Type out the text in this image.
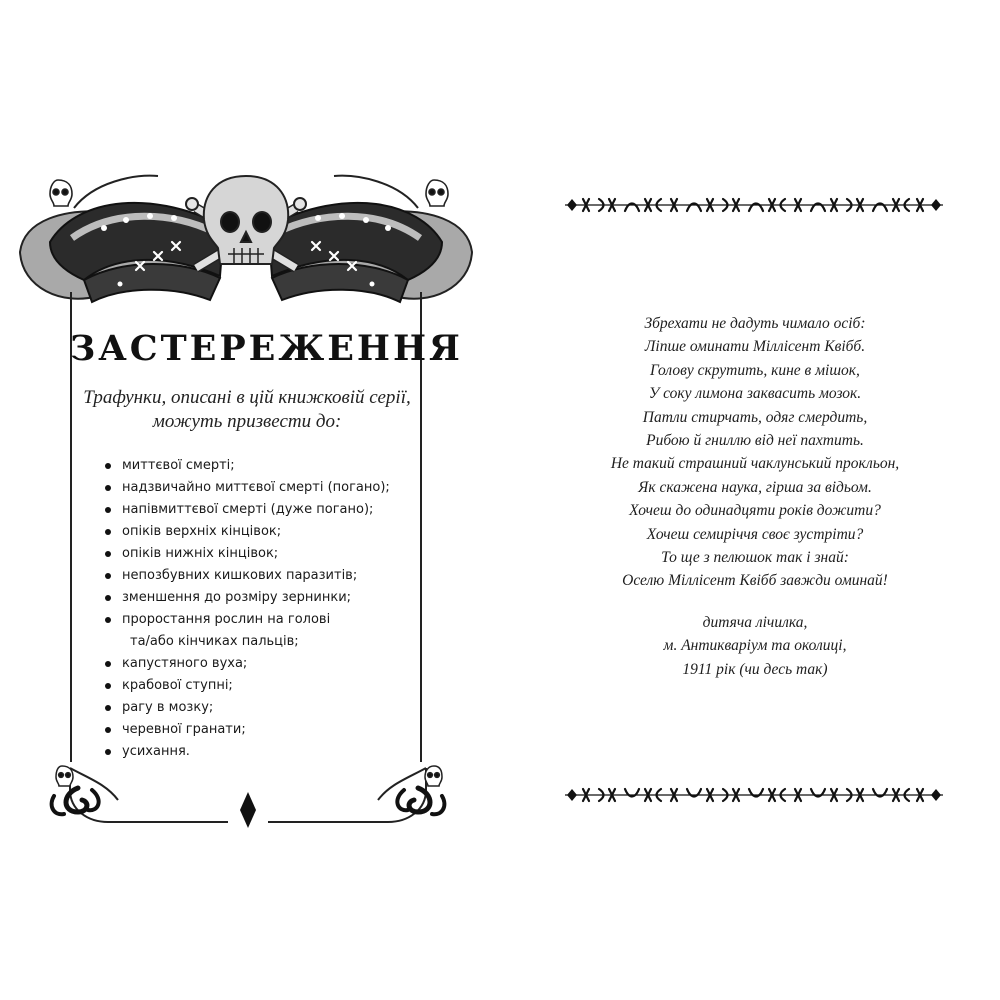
ЗАСТЕРЕЖЕННЯ
Трафунки, описані в цій книжковій серії,
можуть призвести до:
миттєвої смерті;
надзвичайно миттєвої смерті (погано);
напівмиттєвої смерті (дуже погано);
опіків верхніх кінцівок;
опіків нижніх кінцівок;
непозбувних кишкових паразитів;
зменшення до розміру зернинки;
проростання рослин на голові
та/або кінчиках пальців;
капустяного вуха;
крабової ступні;
рагу в мозку;
черевної гранати;
усихання.
Збрехати не дадуть чимало осіб:
Ліпше оминати Міллісент Квібб.
Голову скрутить, кине в мішок,
У соку лимона заквасить мозок.
Патли стирчать, одяг смердить,
Рибою й гниллю від неї пахтить.
Не такий страшний чаклунський прокльон,
Як скажена наука, гірша за відьом.
Хочеш до одинадцяти років дожити?
Хочеш семиріччя своє зустріти?
То ще з пелюшок так і знай:
Оселю Міллісент Квібб завжди оминай!
дитяча лічилка,
м. Антикваріум та околиці,
1911 рік (чи десь так)
